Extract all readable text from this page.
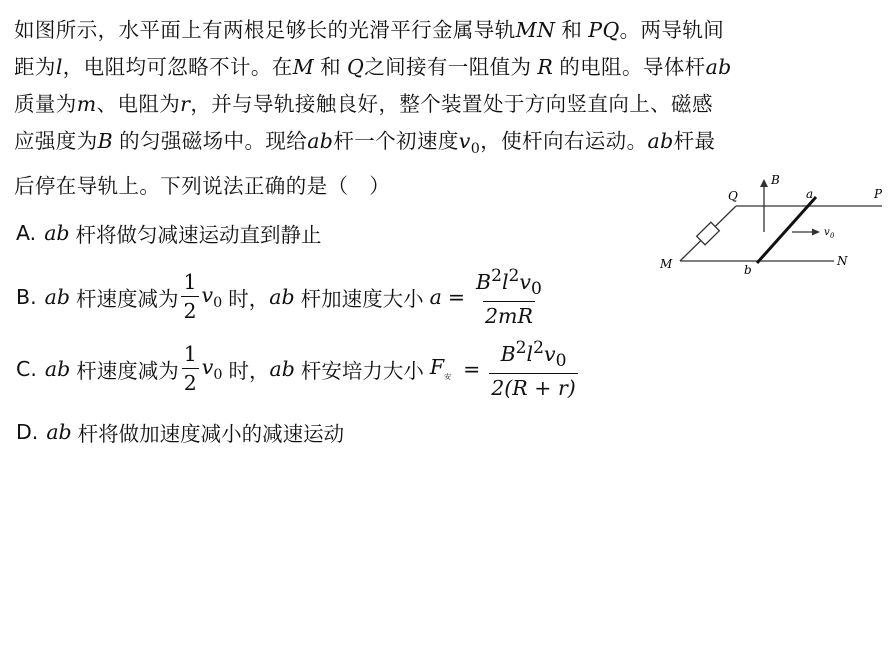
如图所示，水平面上有两根足够长的光滑平行金属导轨MN 和 PQ。两导轨间
距为l，电阻均可忽略不计。在M 和 Q之间接有一阻值为 R 的电阻。导体杆ab
质量为m、电阻为r，并与导轨接触良好，整个装置处于方向竖直向上、磁感
应强度为B 的匀强磁场中。现给ab杆一个初速度$v_0$，使杆向右运动。ab杆最
后停在导轨上。下列说法正确的是（　）	Q	P
M	N
a
b
B
v 0
A. ab 杆将做匀减速运动直到静止
B. ab 杆速度减为 $\frac{1}{2} v_0$ 时， ab 杆加速度大小 $a = \frac{B^2l^2v_0}{2mR}$
C. ab 杆速度减为 $\frac{1}{2} v_0$ 时， ab 杆安培力大小 $F_安 = \frac{B^2l^2v_0}{2(R + r)}$
D. ab 杆将做加速度减小的减速运动
